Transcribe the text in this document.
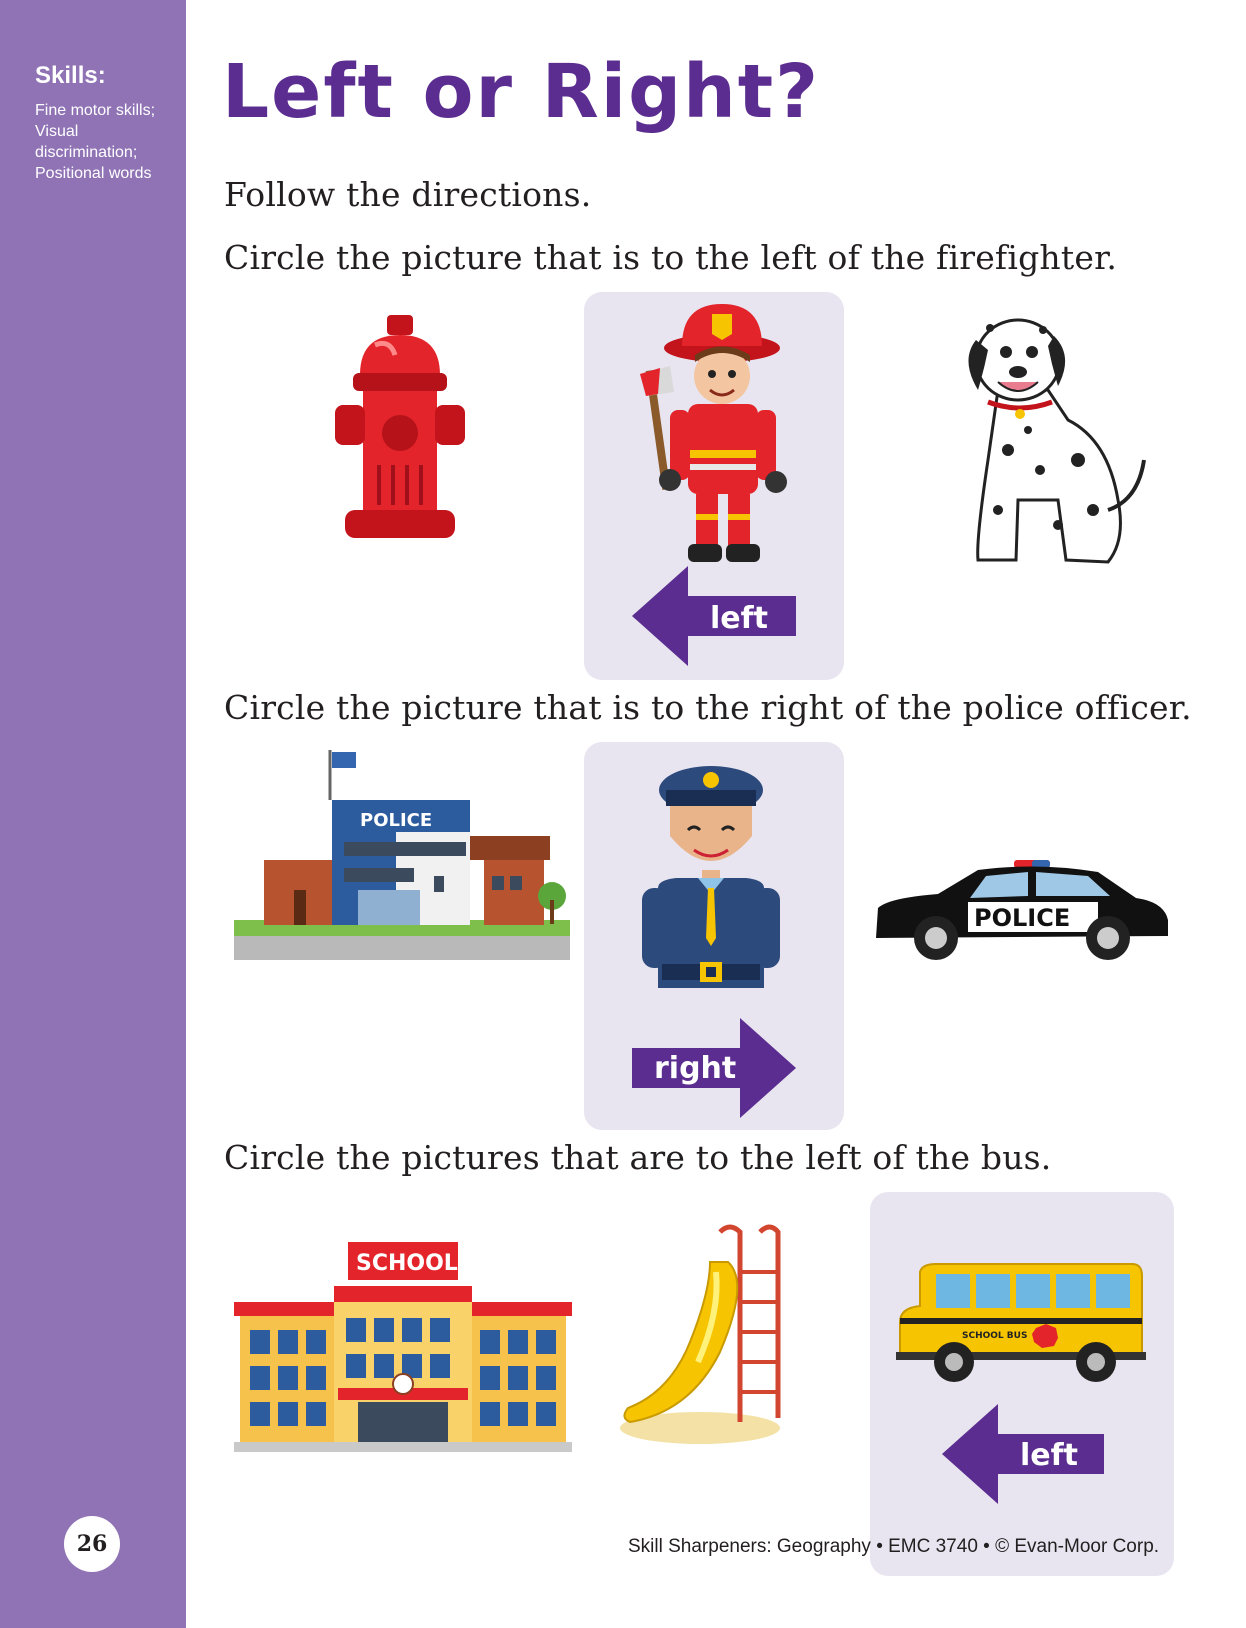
Skills:
Fine motor skills; Visual discrimination; Positional words
26
Left or Right?
Follow the directions.
Circle the picture that is to the left of the firefighter.
left
Circle the picture that is to the right of the police officer.
POLICE
right
POLICE
Circle the pictures that are to the left of the bus.
SCHOOL
SCHOOL BUS
left
Skill Sharpeners: Geography • EMC 3740 • © Evan-Moor Corp.
